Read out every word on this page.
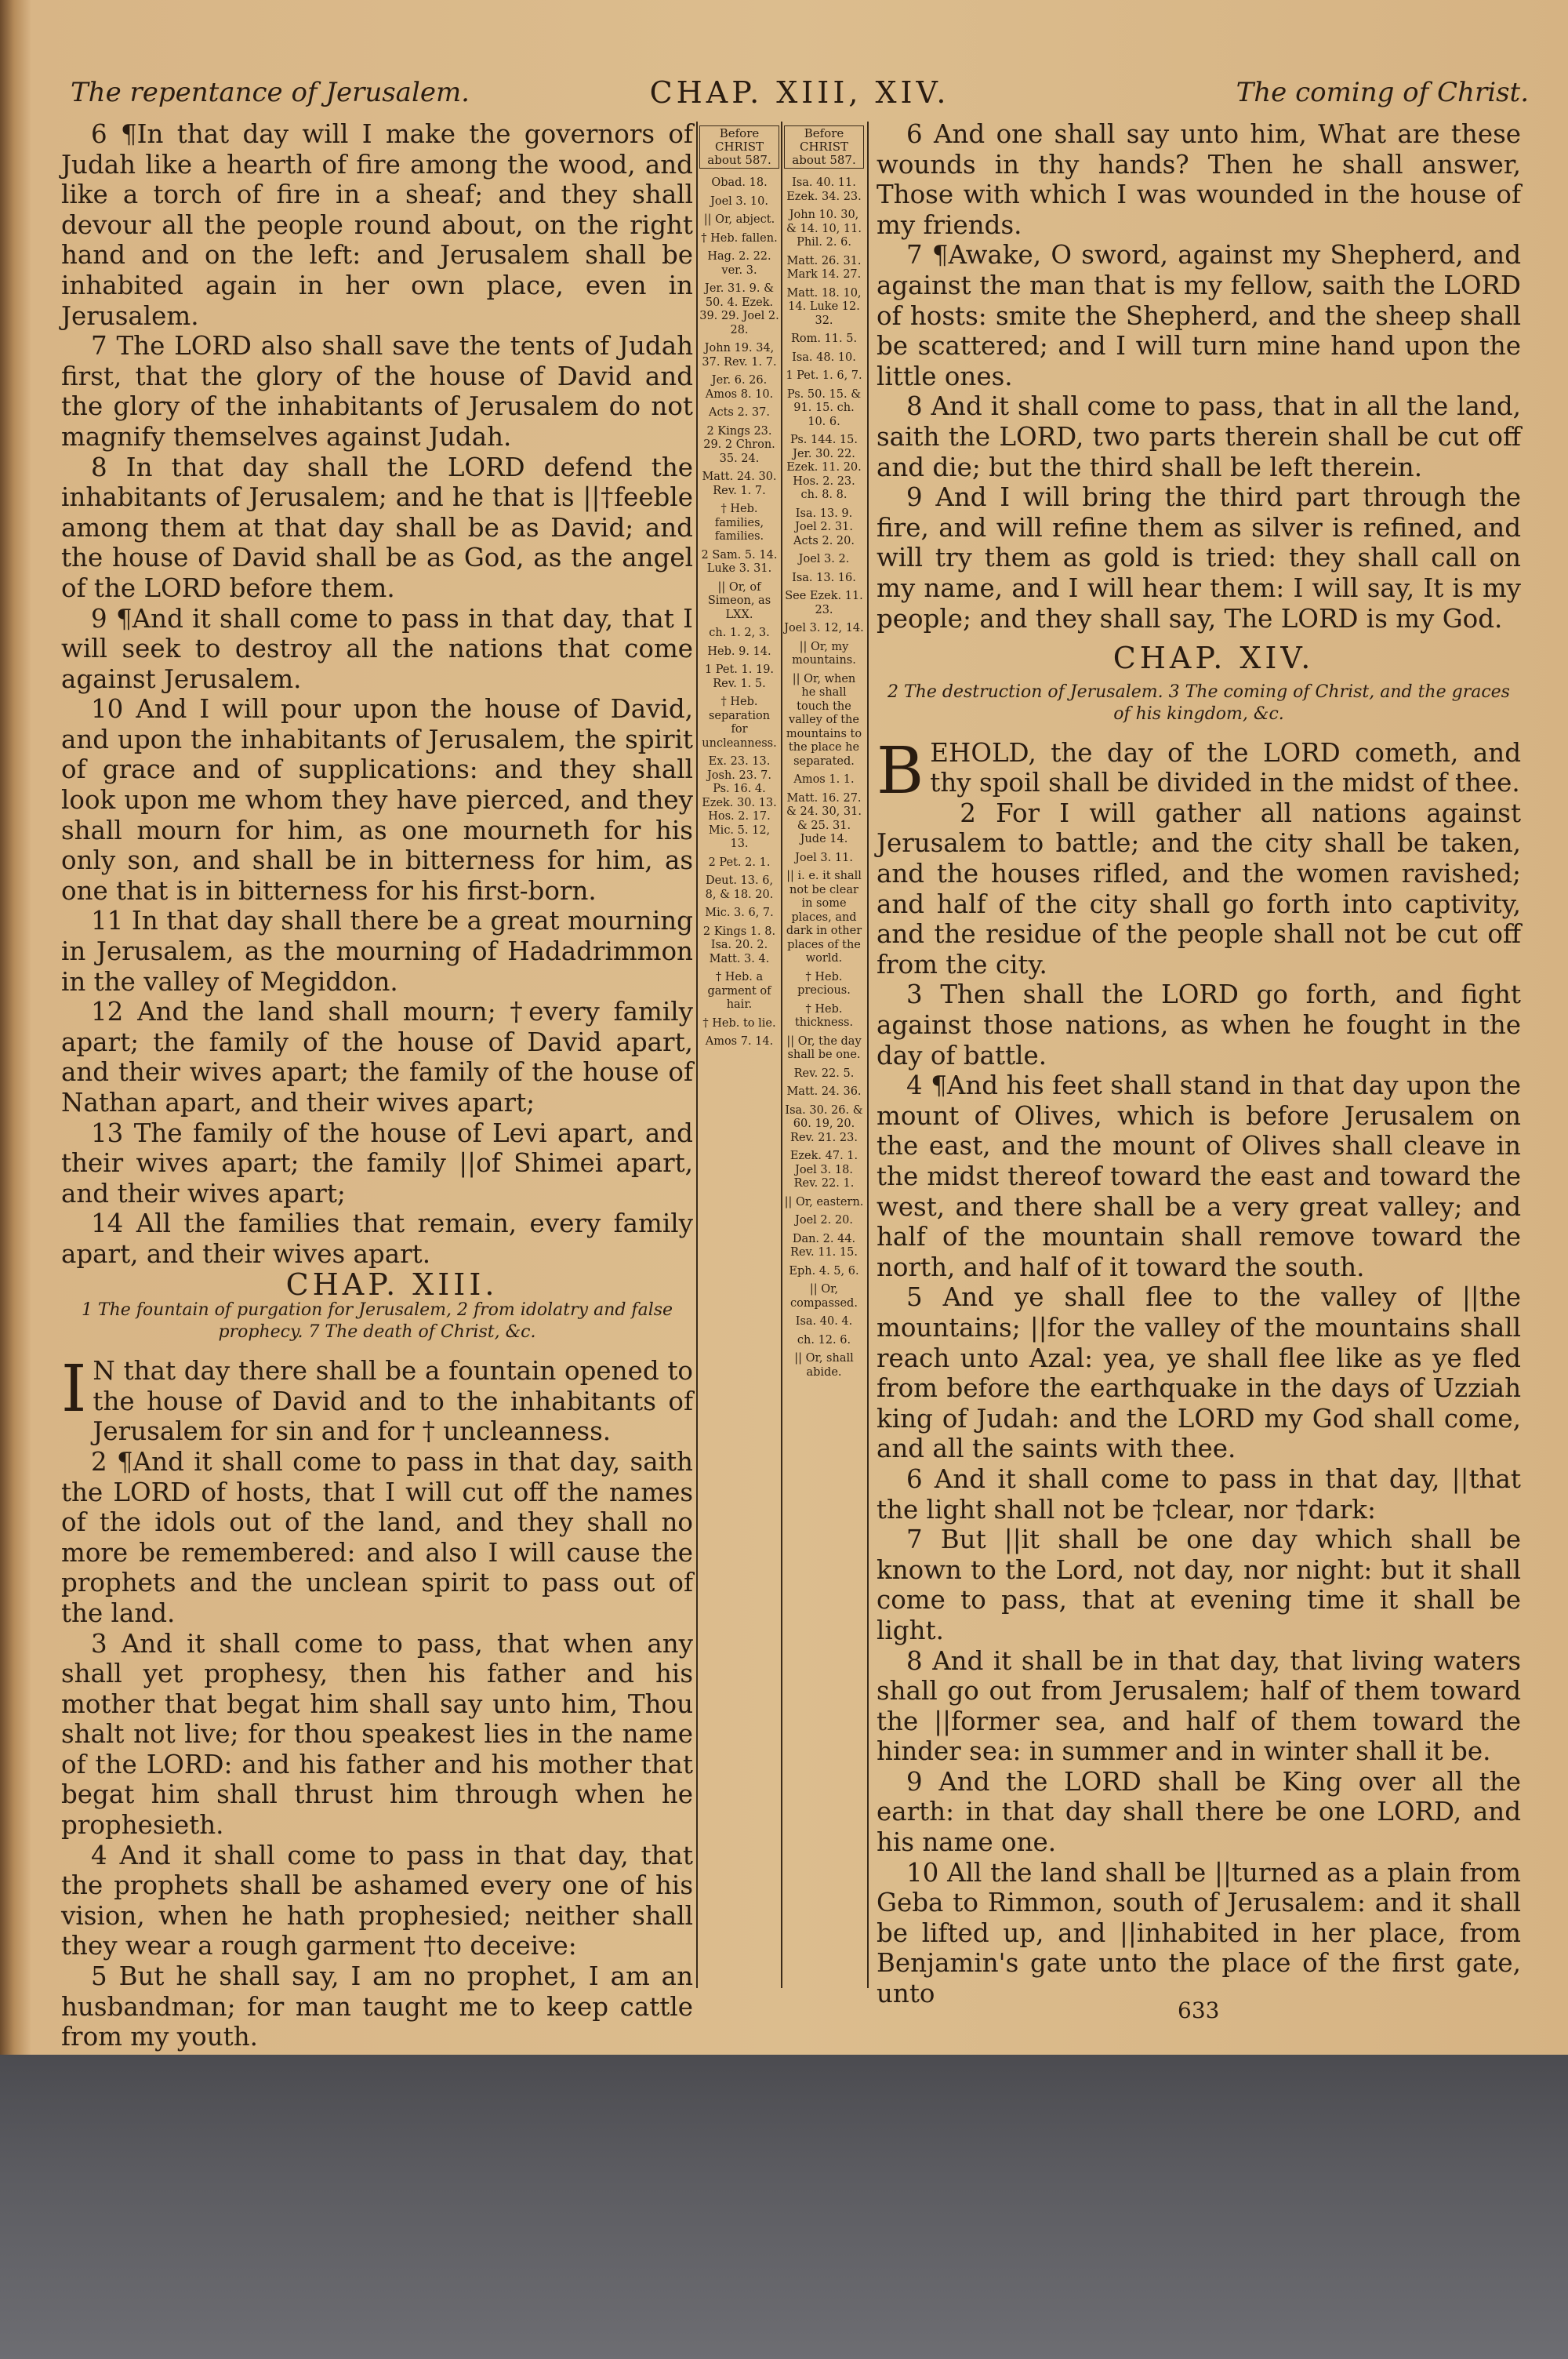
The repentance of Jerusalem.	CHAP. XIII, XIV.	The coming of Christ.

6 ¶In that day will I make the governors of Judah like a hearth of fire among the wood, and like a torch of fire in a sheaf; and they shall devour all the people round about, on the right hand and on the left: and Jerusalem shall be inhabited again in her own place, even in Jerusalem.

7 The LORD also shall save the tents of Judah first, that the glory of the house of David and the glory of the inhabitants of Jerusalem do not magnify themselves against Judah.

8 In that day shall the LORD defend the inhabitants of Jerusalem; and he that is ||†feeble among them at that day shall be as David; and the house of David shall be as God, as the angel of the LORD before them.

9 ¶And it shall come to pass in that day, that I will seek to destroy all the nations that come against Jerusalem.

10 And I will pour upon the house of David, and upon the inhabitants of Jerusalem, the spirit of grace and of supplications: and they shall look upon me whom they have pierced, and they shall mourn for him, as one mourneth for his only son, and shall be in bitterness for him, as one that is in bitterness for his first-born.

11 In that day shall there be a great mourning in Jerusalem, as the mourning of Hadadrimmon in the valley of Megiddon.

12 And the land shall mourn; †every family apart; the family of the house of David apart, and their wives apart; the family of the house of Nathan apart, and their wives apart;

13 The family of the house of Levi apart, and their wives apart; the family ||of Shimei apart, and their wives apart;

14 All the families that remain, every family apart, and their wives apart.

CHAP. XIII.

1 The fountain of purgation for Jerusalem, 2 from idolatry and false prophecy. 7 The death of Christ, &c.

I N that day there shall be a fountain opened to the house of David and to the inhabitants of Jerusalem for sin and for † uncleanness.

2 ¶And it shall come to pass in that day, saith the LORD of hosts, that I will cut off the names of the idols out of the land, and they shall no more be remembered: and also I will cause the prophets and the unclean spirit to pass out of the land.

3 And it shall come to pass, that when any shall yet prophesy, then his father and his mother that begat him shall say unto him, Thou shalt not live; for thou speakest lies in the name of the LORD: and his father and his mother that begat him shall thrust him through when he prophesieth.

4 And it shall come to pass in that day, that the prophets shall be ashamed every one of his vision, when he hath prophesied; neither shall they wear a rough garment †to deceive:

5 But he shall say, I am no prophet, I am an husbandman; for man taught me to keep cattle from my youth.

Before CHRIST about 587.
Obad. 18.
Joel 3. 10.
|| Or, abject.
† Heb. fallen.
Hag. 2. 22. ver. 3.
Jer. 31. 9. & 50. 4. Ezek. 39. 29. Joel 2. 28.
John 19. 34, 37. Rev. 1. 7.
Jer. 6. 26. Amos 8. 10.
Acts 2. 37.
2 Kings 23. 29. 2 Chron. 35. 24.
Matt. 24. 30. Rev. 1. 7.
† Heb. families, families.
2 Sam. 5. 14. Luke 3. 31.
|| Or, of Simeon, as LXX.
ch. 1. 2, 3.
Heb. 9. 14.
1 Pet. 1. 19. Rev. 1. 5.
† Heb. separation for uncleanness.
Ex. 23. 13. Josh. 23. 7. Ps. 16. 4. Ezek. 30. 13. Hos. 2. 17. Mic. 5. 12, 13.
2 Pet. 2. 1.
Deut. 13. 6, 8, & 18. 20.
Mic. 3. 6, 7.
2 Kings 1. 8. Isa. 20. 2. Matt. 3. 4.
† Heb. a garment of hair.
† Heb. to lie.
Amos 7. 14.
Before CHRIST about 587.
Isa. 40. 11. Ezek. 34. 23.
John 10. 30, & 14. 10, 11. Phil. 2. 6.
Matt. 26. 31. Mark 14. 27.
Matt. 18. 10, 14. Luke 12. 32.
Rom. 11. 5.
Isa. 48. 10.
1 Pet. 1. 6, 7.
Ps. 50. 15. & 91. 15. ch. 10. 6.
Ps. 144. 15. Jer. 30. 22. Ezek. 11. 20. Hos. 2. 23. ch. 8. 8.
Isa. 13. 9. Joel 2. 31. Acts 2. 20.
Joel 3. 2.
Isa. 13. 16.
See Ezek. 11. 23.
Joel 3. 12, 14.
|| Or, my mountains.
|| Or, when he shall touch the valley of the mountains to the place he separated.
Amos 1. 1.
Matt. 16. 27. & 24. 30, 31. & 25. 31. Jude 14.
Joel 3. 11.
|| i. e. it shall not be clear in some places, and dark in other places of the world.
† Heb. precious.
† Heb. thickness.
|| Or, the day shall be one.
Rev. 22. 5.
Matt. 24. 36.
Isa. 30. 26. & 60. 19, 20. Rev. 21. 23.
Ezek. 47. 1. Joel 3. 18. Rev. 22. 1.
|| Or, eastern.
Joel 2. 20.
Dan. 2. 44. Rev. 11. 15.
Eph. 4. 5, 6.
|| Or, compassed.
Isa. 40. 4.
ch. 12. 6.
|| Or, shall abide.

6 And one shall say unto him, What are these wounds in thy hands? Then he shall answer, Those with which I was wounded in the house of my friends.

7 ¶Awake, O sword, against my Shepherd, and against the man that is my fellow, saith the LORD of hosts: smite the Shepherd, and the sheep shall be scattered; and I will turn mine hand upon the little ones.

8 And it shall come to pass, that in all the land, saith the LORD, two parts therein shall be cut off and die; but the third shall be left therein.

9 And I will bring the third part through the fire, and will refine them as silver is refined, and will try them as gold is tried: they shall call on my name, and I will hear them: I will say, It is my people; and they shall say, The LORD is my God.

CHAP. XIV.

2 The destruction of Jerusalem. 3 The coming of Christ, and the graces of his kingdom, &c.

BEHOLD, the day of the LORD cometh, and thy spoil shall be divided in the midst of thee.

2 For I will gather all nations against Jerusalem to battle; and the city shall be taken, and the houses rifled, and the women ravished; and half of the city shall go forth into captivity, and the residue of the people shall not be cut off from the city.

3 Then shall the LORD go forth, and fight against those nations, as when he fought in the day of battle.

4 ¶And his feet shall stand in that day upon the mount of Olives, which is before Jerusalem on the east, and the mount of Olives shall cleave in the midst thereof toward the east and toward the west, and there shall be a very great valley; and half of the mountain shall remove toward the north, and half of it toward the south.

5 And ye shall flee to the valley of ||the mountains; ||for the valley of the mountains shall reach unto Azal: yea, ye shall flee like as ye fled from before the earthquake in the days of Uzziah king of Judah: and the LORD my God shall come, and all the saints with thee.

6 And it shall come to pass in that day, ||that the light shall not be †clear, nor †dark:

7 But ||it shall be one day which shall be known to the Lord, not day, nor night: but it shall come to pass, that at evening time it shall be light.

8 And it shall be in that day, that living waters shall go out from Jerusalem; half of them toward the ||former sea, and half of them toward the hinder sea: in summer and in winter shall it be.

9 And the LORD shall be King over all the earth: in that day shall there be one LORD, and his name one.

10 All the land shall be ||turned as a plain from Geba to Rimmon, south of Jerusalem: and it shall be lifted up, and ||inhabited in her place, from Benjamin's gate unto the place of the first gate, unto

633
